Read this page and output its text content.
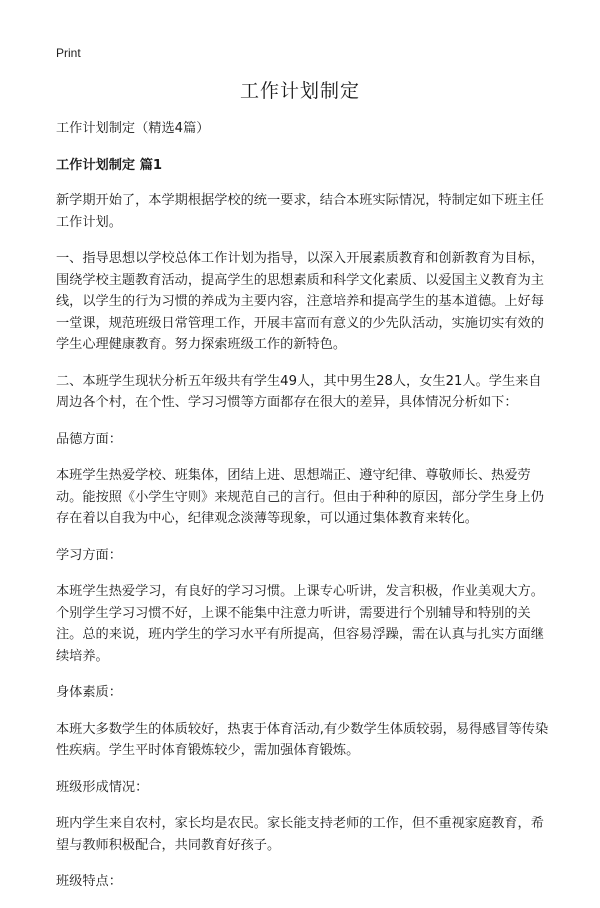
Print
工作计划制定

工作计划制定（精选4篇）

工作计划制定 篇1

新学期开始了，本学期根据学校的统一要求，结合本班实际情况，特制定如下班主任工作计划。

一、指导思想以学校总体工作计划为指导，以深入开展素质教育和创新教育为目标，围绕学校主题教育活动，提高学生的思想素质和科学文化素质、以爱国主义教育为主线，以学生的行为习惯的养成为主要内容，注意培养和提高学生的基本道德。上好每一堂课，规范班级日常管理工作，开展丰富而有意义的少先队活动，实施切实有效的学生心理健康教育。努力探索班级工作的新特色。

二、本班学生现状分析五年级共有学生49人，其中男生28人，女生21人。学生来自周边各个村，在个性、学习习惯等方面都存在很大的差异，具体情况分析如下：

品德方面：

本班学生热爱学校、班集体，团结上进、思想端正、遵守纪律、尊敬师长、热爱劳动。能按照《小学生守则》来规范自己的言行。但由于种种的原因，部分学生身上仍存在着以自我为中心，纪律观念淡薄等现象，可以通过集体教育来转化。

学习方面：

本班学生热爱学习，有良好的学习习惯。上课专心听讲，发言积极，作业美观大方。个别学生学习习惯不好，上课不能集中注意力听讲，需要进行个别辅导和特别的关注。总的来说，班内学生的学习水平有所提高，但容易浮躁，需在认真与扎实方面继续培养。

身体素质：

本班大多数学生的体质较好，热衷于体育活动,有少数学生体质较弱，易得感冒等传染性疾病。学生平时体育锻炼较少，需加强体育锻炼。

班级形成情况：

班内学生来自农村，家长均是农民。家长能支持老师的工作，但不重视家庭教育，希望与教师积极配合，共同教育好孩子。

班级特点：
